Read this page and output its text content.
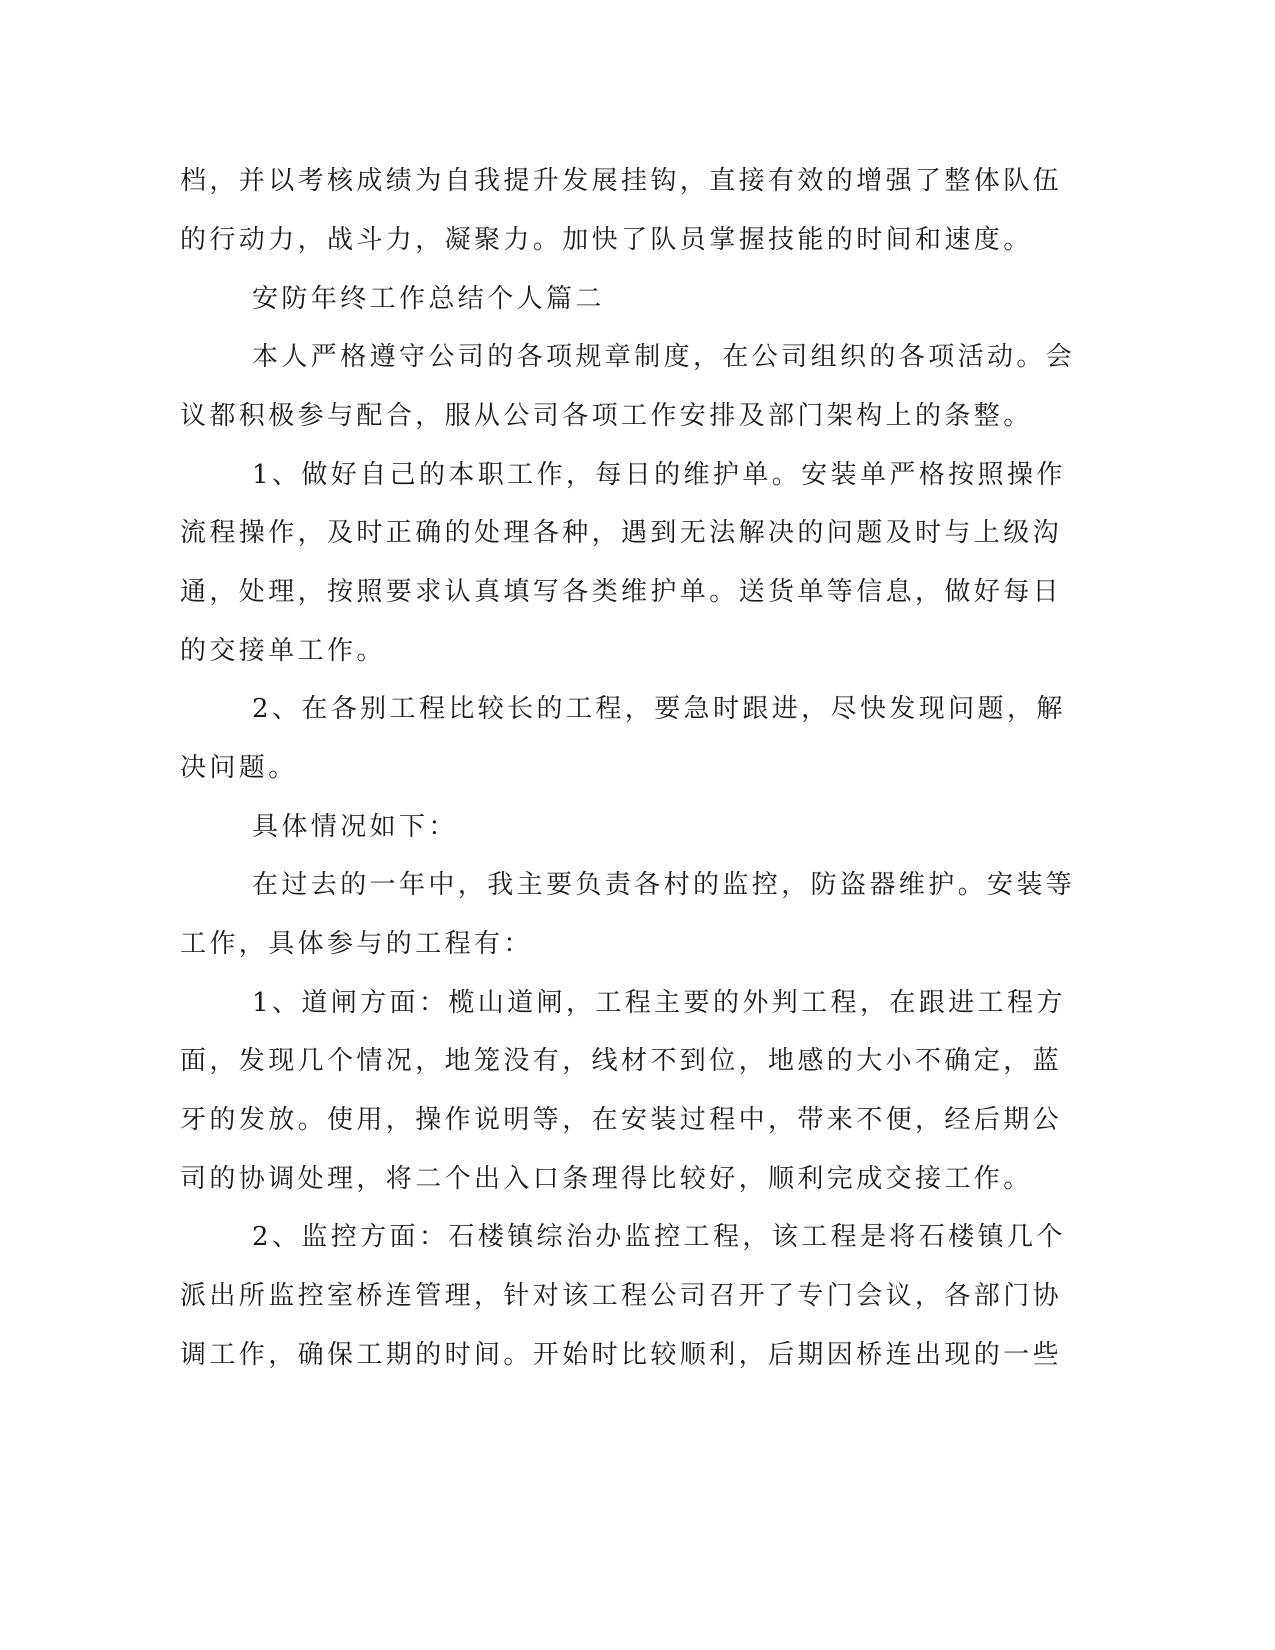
档，并以考核成绩为自我提升发展挂钩，直接有效的增强了整体队伍

的行动力，战斗力，凝聚力。加快了队员掌握技能的时间和速度。

安防年终工作总结个人篇二

本人严格遵守公司的各项规章制度，在公司组织的各项活动。会

议都积极参与配合，服从公司各项工作安排及部门架构上的条整。

1、做好自己的本职工作，每日的维护单。安装单严格按照操作

流程操作，及时正确的处理各种，遇到无法解决的问题及时与上级沟

通，处理，按照要求认真填写各类维护单。送货单等信息，做好每日

的交接单工作。

2、在各别工程比较长的工程，要急时跟进，尽快发现问题，解

决问题。

具体情况如下：

在过去的一年中，我主要负责各村的监控，防盗器维护。安装等

工作，具体参与的工程有：

1、道闸方面：榄山道闸，工程主要的外判工程，在跟进工程方

面，发现几个情况，地笼没有，线材不到位，地感的大小不确定，蓝

牙的发放。使用，操作说明等，在安装过程中，带来不便，经后期公

司的协调处理，将二个出入口条理得比较好，顺利完成交接工作。

2、监控方面：石楼镇综治办监控工程，该工程是将石楼镇几个

派出所监控室桥连管理，针对该工程公司召开了专门会议，各部门协

调工作，确保工期的时间。开始时比较顺利，后期因桥连出现的一些
